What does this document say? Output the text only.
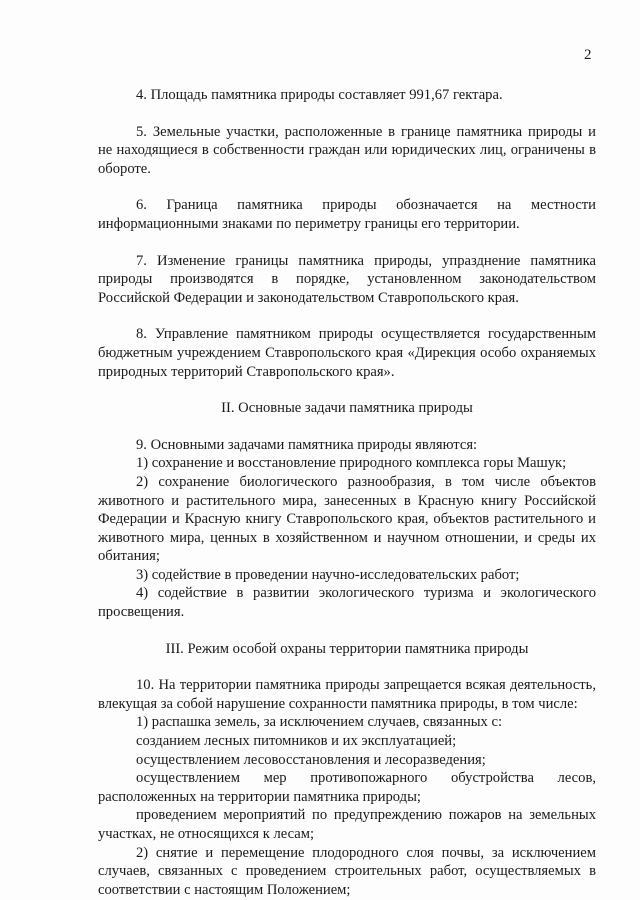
2

4. Площадь памятника природы составляет 991,67 гектара.

5. Земельные участки, расположенные в границе памятника природы и не находящиеся в собственности граждан или юридических лиц, ограничены в обороте.

6. Граница памятника природы обозначается на местности информационными знаками по периметру границы его территории.

7. Изменение границы памятника природы, упразднение памятника природы производятся в порядке, установленном законодательством Российской Федерации и законодательством Ставропольского края.

8. Управление памятником природы осуществляется государственным бюджетным учреждением Ставропольского края «Дирекция особо охраняемых природных территорий Ставропольского края».

II. Основные задачи памятника природы

9. Основными задачами памятника природы являются:

1) сохранение и восстановление природного комплекса горы Машук;

2) сохранение биологического разнообразия, в том числе объектов животного и растительного мира, занесенных в Красную книгу Российской Федерации и Красную книгу Ставропольского края, объектов растительного и животного мира, ценных в хозяйственном и научном отношении, и среды их обитания;

3) содействие в проведении научно-исследовательских работ;

4) содействие в развитии экологического туризма и экологического просвещения.

III. Режим особой охраны территории памятника природы

10. На территории памятника природы запрещается всякая деятельность, влекущая за собой нарушение сохранности памятника природы, в том числе:

1) распашка земель, за исключением случаев, связанных с:

созданием лесных питомников и их эксплуатацией;

осуществлением лесовосстановления и лесоразведения;

осуществлением мер противопожарного обустройства лесов, расположенных на территории памятника природы;

проведением мероприятий по предупреждению пожаров на земельных участках, не относящихся к лесам;

2) снятие и перемещение плодородного слоя почвы, за исключением случаев, связанных с проведением строительных работ, осуществляемых в соответствии с настоящим Положением;
